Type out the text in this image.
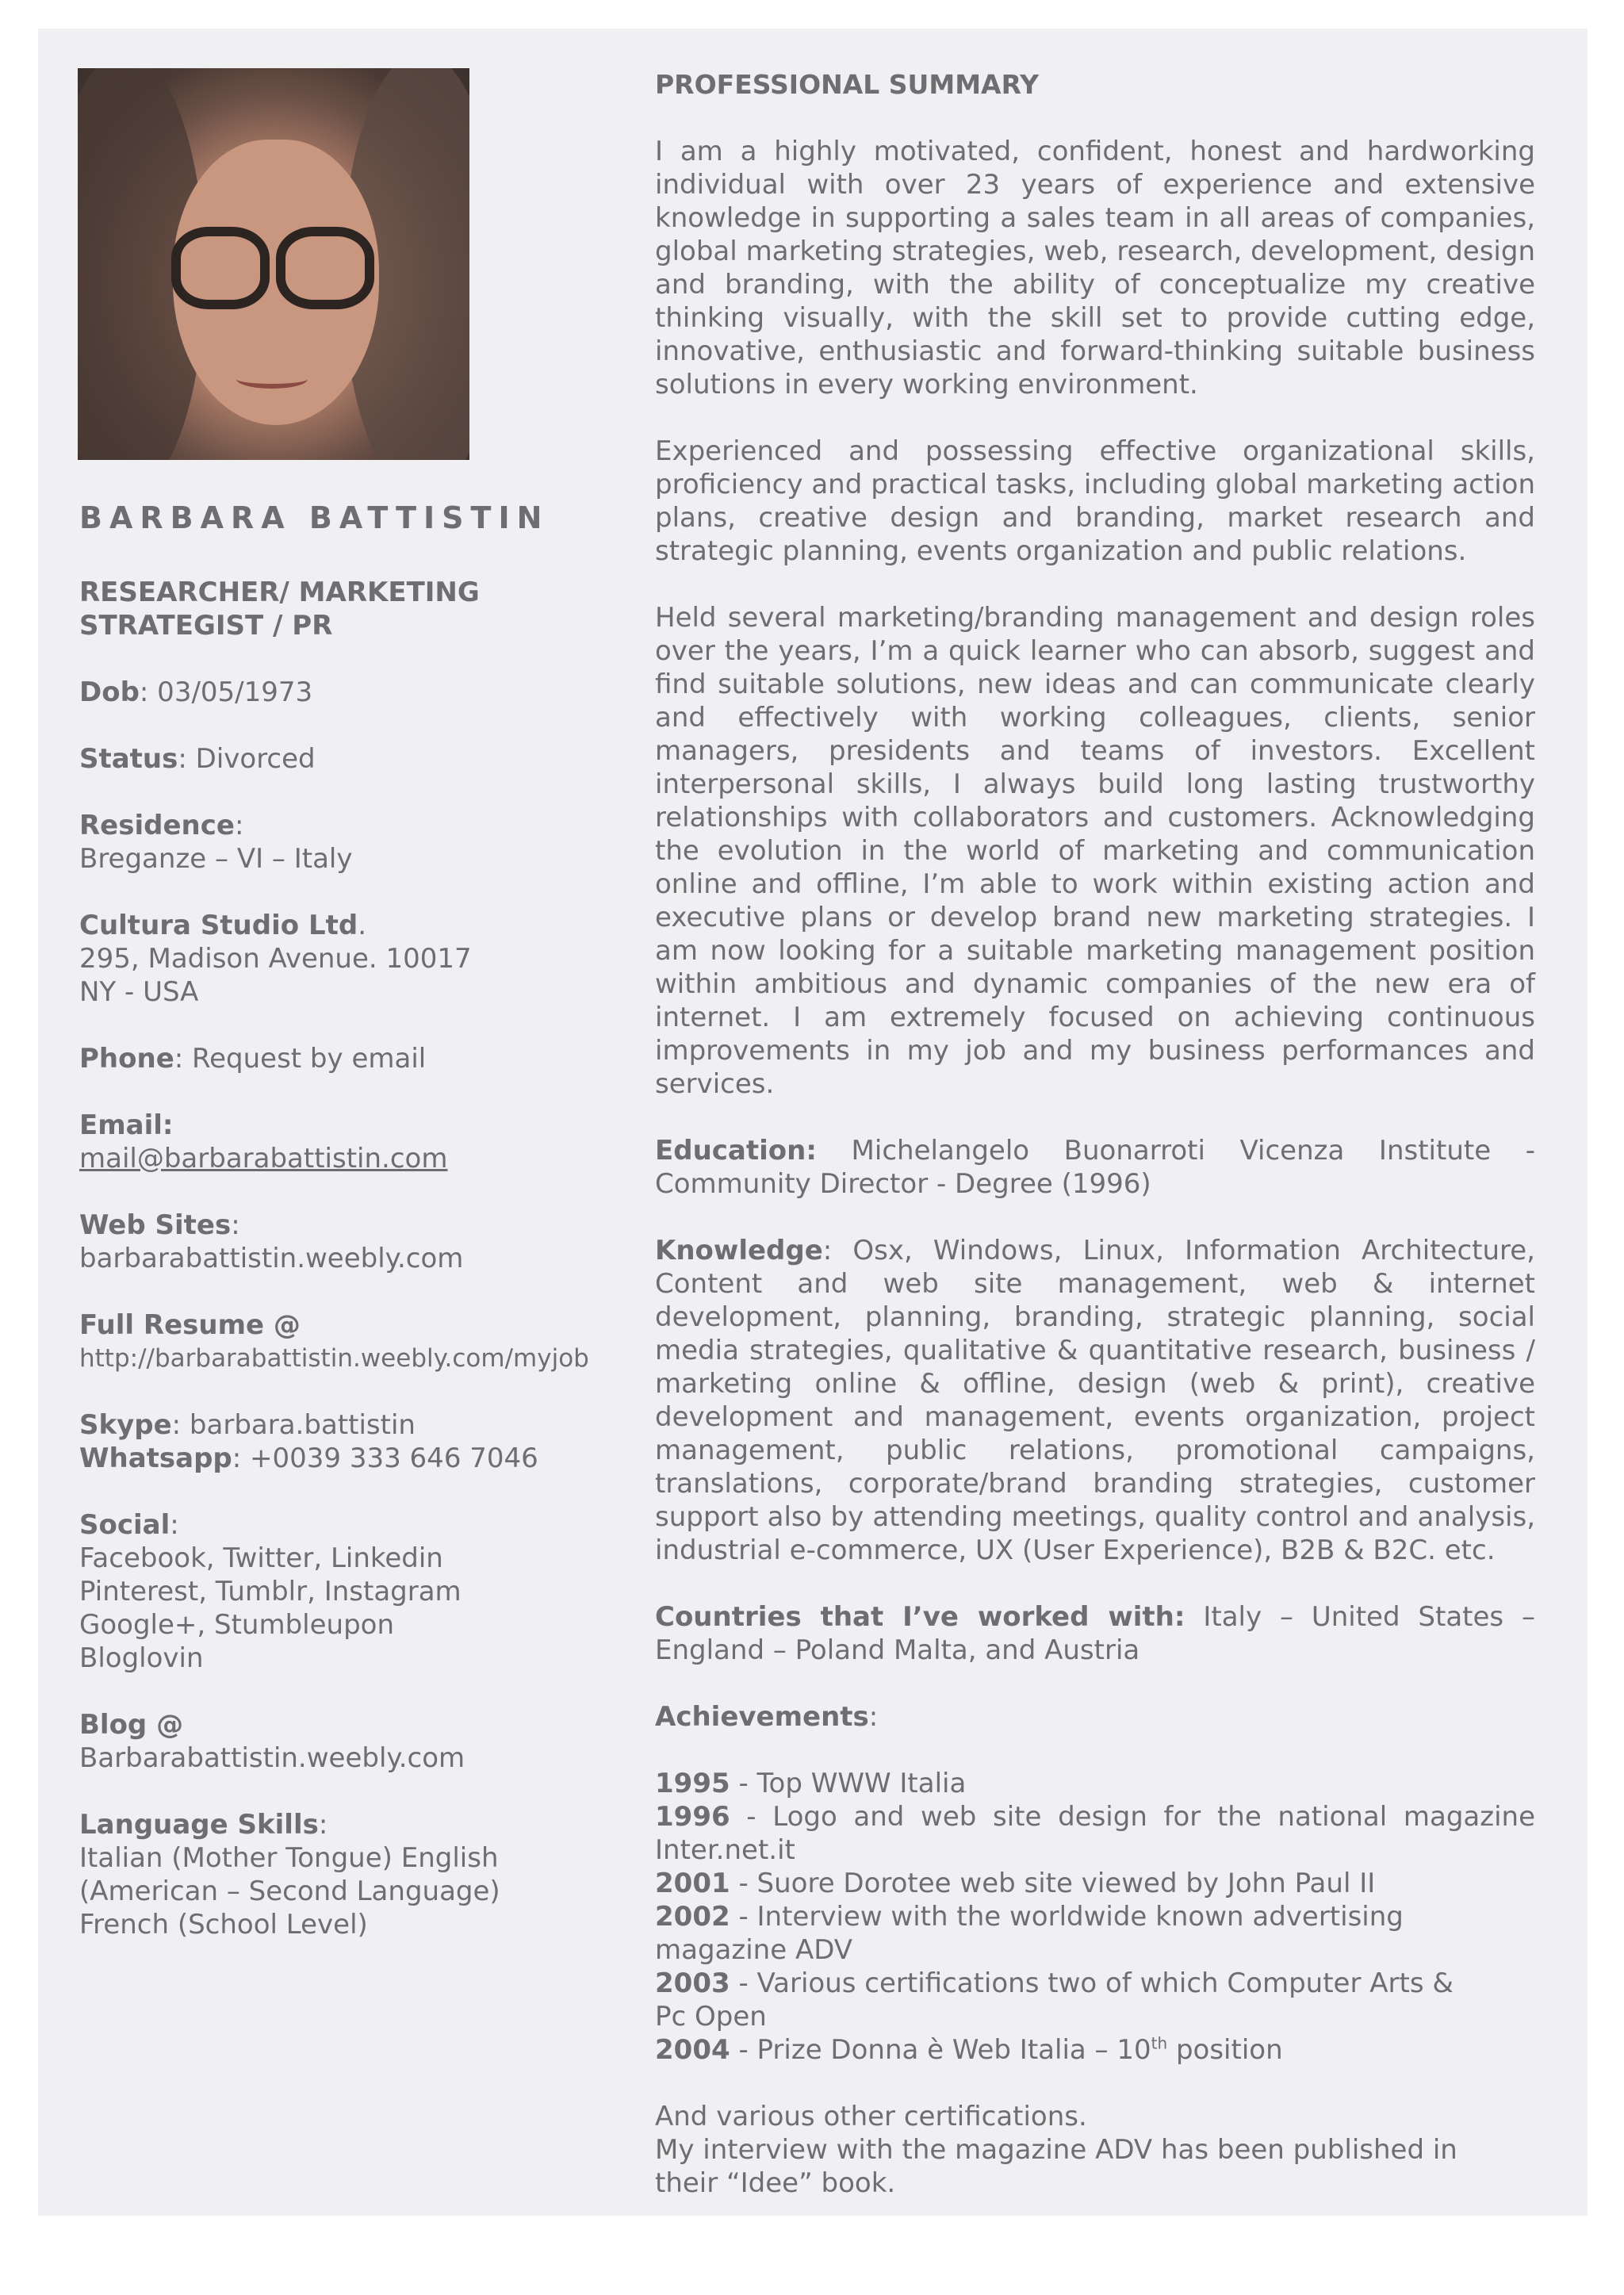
BARBARA BATTISTIN
RESEARCHER/ MARKETING
STRATEGIST / PR
Dob: 03/05/1973
Status: Divorced
Residence:
Breganze – VI – Italy
Cultura Studio Ltd.
295, Madison Avenue. 10017
NY - USA
Phone: Request by email
Email:
mail@barbarabattistin.com
Web Sites:
barbarabattistin.weebly.com
Full Resume @
http://barbarabattistin.weebly.com/myjob
Skype: barbara.battistin
Whatsapp: +0039 333 646 7046
Social:
Facebook, Twitter, Linkedin
Pinterest, Tumblr, Instagram
Google+, Stumbleupon
Bloglovin
Blog @
Barbarabattistin.weebly.com
Language Skills:
Italian (Mother Tongue) English
(American – Second Language)
French (School Level)
PROFESSIONAL SUMMARY
I am a highly motivated, confident, honest and hardworking individual with over 23 years of experience and extensive knowledge in supporting a sales team in all areas of companies, global marketing strategies, web, research, development, design and branding, with the ability of conceptualize my creative thinking visually, with the skill set to provide cutting edge, innovative, enthusiastic and forward-thinking suitable business solutions in every working environment.
Experienced and possessing effective organizational skills, proficiency and practical tasks, including global marketing action plans, creative design and branding, market research and strategic planning, events organization and public relations.
Held several marketing/branding management and design roles over the years, I’m a quick learner who can absorb, suggest and find suitable solutions, new ideas and can communicate clearly and effectively with working colleagues, clients, senior managers, presidents and teams of investors. Excellent interpersonal skills, I always build long lasting trustworthy relationships with collaborators and customers. Acknowledging the evolution in the world of marketing and communication online and offline, I’m able to work within existing action and executive plans or develop brand new marketing strategies. I am now looking for a suitable marketing management position within ambitious and dynamic companies of the new era of internet. I am extremely focused on achieving continuous improvements in my job and my business performances and services.
Education: Michelangelo Buonarroti Vicenza Institute - Community Director - Degree (1996)
Knowledge: Osx, Windows, Linux, Information Architecture, Content and web site management, web & internet development, planning, branding, strategic planning, social media strategies, qualitative & quantitative research, business / marketing online & offline, design (web & print), creative development and management, events organization, project management, public relations, promotional campaigns, translations, corporate/brand branding strategies, customer support also by attending meetings, quality control and analysis, industrial e-commerce, UX (User Experience), B2B & B2C. etc.
Countries that I’ve worked with: Italy – United States – England – Poland Malta, and Austria
Achievements:
1995 - Top WWW Italia
1996 - Logo and web site design for the national magazine Inter.net.it
2001 - Suore Dorotee web site viewed by John Paul II
2002 - Interview with the worldwide known advertising magazine ADV
2003 - Various certifications two of which Computer Arts & Pc Open
2004 - Prize Donna è Web Italia – 10th position
And various other certifications.
My interview with the magazine ADV has been published in their “Idee” book.
